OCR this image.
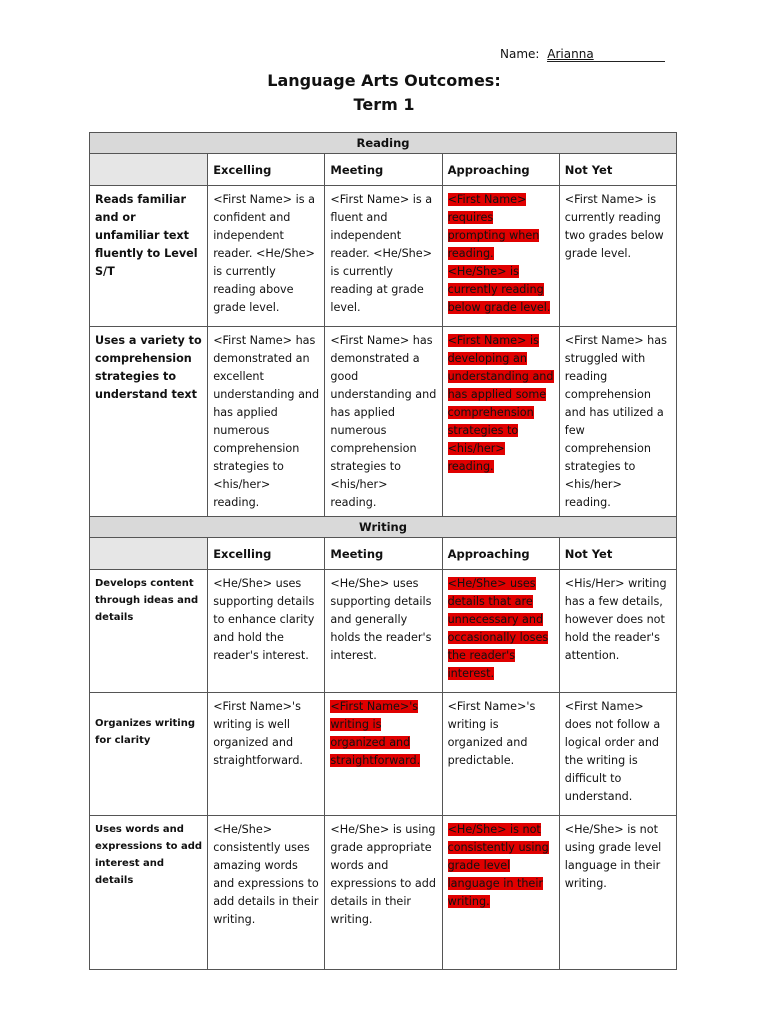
Name: Arianna
Language Arts Outcomes:
Term 1
Reading				
	Excelling	Meeting	Approaching	Not Yet
Reads familiar and or unfamiliar text fluently to Level S/T	<First Name> is a confident and independent reader. <He/She> is currently reading above grade level.	<First Name> is a fluent and independent reader. <He/She> is currently reading at grade level.	<First Name> requires prompting when reading. <He/She> is currently reading below grade level.	<First Name> is currently reading two grades below grade level.
Uses a variety to comprehension strategies to understand text	<First Name> has demonstrated an excellent understanding and has applied numerous comprehension strategies to <his/her> reading.	<First Name> has demonstrated a good understanding and has applied numerous comprehension strategies to <his/her> reading.	<First Name> is developing an understanding and has applied some comprehension strategies to <his/her> reading.	<First Name> has struggled with reading comprehension and has utilized a few comprehension strategies to <his/her> reading.
Writing				
	Excelling	Meeting	Approaching	Not Yet
Develops content through ideas and details	<He/She> uses supporting details to enhance clarity and hold the reader's interest.	<He/She> uses supporting details and generally holds the reader's interest.	<He/She> uses details that are unnecessary and occasionally loses the reader's interest.	<His/Her> writing has a few details, however does not hold the reader's attention.
Organizes writing for clarity	<First Name>'s writing is well organized and straightforward.	<First Name>'s writing is organized and straightforward.	<First Name>'s writing is organized and predictable.	<First Name> does not follow a logical order and the writing is difficult to understand.
Uses words and expressions to add interest and details	<He/She> consistently uses amazing words and expressions to add details in their writing.	<He/She> is using grade appropriate words and expressions to add details in their writing.	<He/She> is not consistently using grade level language in their writing.	<He/She> is not using grade level language in their writing.
